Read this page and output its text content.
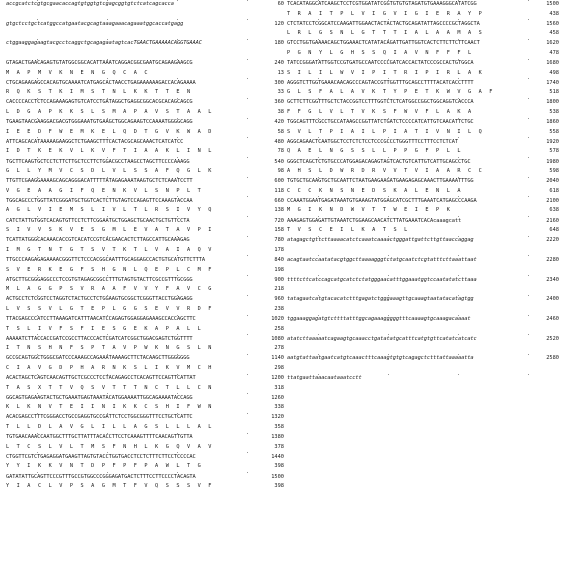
accgcatctcgtgcgaacaccagtgtggtgtcgagcggtgtctcatcagcacca	60
.	.	.	.
gtgctcctgctcatggccatgaatacgcagtaaagaaacagaaatggcaccatgagg	120
.	.	.	.
ctggaaggagaagtacgcctcaggctgcagagaatagtcacTGAACTGAAAAACAGGTGAAAC	180
.	.	.	.
GTAGACTGAACAGAGTGTATGGCGGCACATTAAATCAGGACGGCGAATGCAGAAGAAGCG	240
M A P M V K N E N G Q C A C	13
.	.	.	.
CTGCAGAAGAGCCACAGTGCAAAATCATGAGCACTAACCTGAGAAAAAAGACCACAGAAAA	300
R Q K S T K I M S T N L K K T T E N	33
.	.	.	.
CACCCCACCTCTCCAGAAAGAGTGTCATCCTGATAGGCTGAGGCGGCACGCACAGCAGCG	360
L D G A P K K S L S M A P A V S T A A L	38
.	.	.	.
TGAAGTAACGAAGGACGACGTGGGAAATGTGAAGCTGGCAGAAGTCCAAAATGGGGCAGG	420
I E E D F W E M K E L Q D T G V K W A D	58
.	.	.	.
ATTCAGCACATAAAAAGAAGGCTCTGAAGCTTTCACTACGCAGCAAACTCATCATCC	480
I D T K E K V L K V F T I A A K L I N L	78
.	.	.	.
TGCTTCAAGTGCTCCTCTTCTTGCTCCTTCTGGACGCCTAAGCCTAGCTTCCCCAAAGG	540
G L L Y M V C S D L V L S S A F Q G L K	98
.	.	.	.
TTGTTCGAAGGAAAAGCAGCAGGGACATTTTTATAGAGAAATAAGTGCTCTCAAATCCTT	600
V G E A A G I F Q E N K V L S N P L T	118
.	.	.	.
TGGCAGCCCTGGTTATCGGGATGCTGGTCACTCTTGTAGTCCAGAGTTCCAAAGTACCAA	660
A G L V I E M S L I V L T L R S I V Y Q	138
.	.	.	.
CATCTATTGTGGTCACAGTGTTCCTCTTCGGAATGCTGGAGCTGCAACTGCTGTTCCTA	720
S I V V S K V E S G M L E V A T A V P I	158
.	.	.	.
TCATTATGGGCACAAACACCGTCACATCCGTCACGAACACTCTTAGCCATTGCAAAGAG	780
I M G T N T G T S V T K T L V A I A Q V	178
.	.	.	.
TTGCCCAAGAGAGAAAACGGGTTCTCCCACGGCAATTTGCAGGAGCCACTGTGCATGTTCTTTA	840
S V E R K E G F S H G N L Q E P L C M F	198
.	.	.	.
ATGCTTGCGGGAGGCCCTCCGTGTAGAGCGGCCTTTGTAGTGTACTTCGCCGTTTGCGGG	900
M L A G G P S V R A A F V V Y F A V C G	218
.	.	.	.
ACTGCCTCTCGGTCCTAGGTCTACTGCCTCTGGAAGTGCGGCTCGGGTTACCTGGAGAGG	960
L V S S V L G T E P L G G S E V V R D F	238
.	.	.	.
TTACGAGCCCATCCTTAAAGATCATTTAACATCCAGAGTGGAGGAGAAAGCCACCAGCTTC	1020
T S L I V F S F I E S G E K A P A L L	258
.	.	.	.
AAAAATCTTACCACCGATCCGCCTTACCCACTCGATCATCGGCTGGACGAGTCTGGTTTT	1080
I T N S H N F S P T A V P W K N G S L N	278
.	.	.	.
GCCGCAGTGGCTGGGCGATCCCAAAGCCAGAAATAAAAGCTTCTACAAGCTTGGGGGGG	1140
C I A V G D P H A R N K S L I K V M C H	298
.	.	.	.
ACACTAGCTCAGTCAACAGTTGCTCGCCCTCCTACAGAGCCTCACAGTTCCAGTTCATTAT	1200
T A S X T T V Q S V T T T N C T L L C N	318
.	.	.	.
GGCAGTGAGAAGTACTGCTGAAATGAGTAAATACATGGAAAATTGGCAGAAAATACCAGG	1260
K L K N V T E I I N I K K C S H I F W N	338
.	.	.	.
ACACGAGCCTTTCGGGACCTGCCGAGGTGCCGATTCTCCTGGCGGGTTTCCTGCTCATTC	1320
T L L D L A V G L I L L A G S L L L A L	358
.	.	.	.
TGTGAACAAACCAATGGCTTTGCTTATTTACACCTTCCTCAAAGTTTTCAACAGTTGTTA	1380
L T C S L V L T M S F N H L K G Q V A V	378
.	.	.	.
CTGGTTCGTCTGAGAGGATGAAGTTAGTGTACCTGGTGACCTCCTCTTTCTTCCTCCCCAC	1440
Y Y I K K V N T D P F P F P A W L T G	398
.	.	.	.
GATATATTGCAGTTCCCGTTTGCCGTGGCCCGGGAGATGACTCTTTCCTTCCCCTACAGTA	1500
Y I A C L V P S A G M T F V Q S S S V F	398
TCACATAGGCATCAAGCTCCTCGTGGATATCGGTGTGTGTAGATGTGAAAGGGCATATCGG	1500
T R A I T P L V I G V I G I E R A Y P	438
.	.	.	.
CTCTATCCTCGGCATCCAAGATTGGAACTACTACTACTGCAGATATTAGCCCCGCTAGGCTA	1560
L R L G S N L G T T T I A L A A M A S	458
.	.	.	.
GTCCTGGTGAAAACAGCTGGAAACTCATATACAGATTGATTGGTCACTCTTCTTCTTCAACT	1620
P G N Y L G H S S Q I A V N F F F L	478
.	.	.	.
TATCCGGGATATTGGTCCGTGATGCCAATCCCCGATCACCACTATCCCGCCACTGTGGCA	1680
S I L I L W V I P I T R I P I R L A K	498
.	.	.	.
AGGGTCTTGGTGAAACAACAGCCCAGTACCGTTGGTTTGCAGCCTTTTACATCACCTTTT	1740
G L S F A L A V K T Y P E T K W V G A F	518
.	.	.	.
GCTTCTTCGGTTTGCTCTACCGGTCCTTTGGTCTCTCATGGCCGGCTGGCAGGTCACCCA	1800
F F G L V L T V K S F W V F L A K A	538
.	.	.	.
TGGCAGTTTCGCCTGCCATAAGCCGGTTATCTGATCTCCCCATCATTGTCAACATTCTGC	1860
S V L T P I A I L P I A T I V N I L Q	558
.	.	.	.
AGGCAGAACTCAATGGCTCCTCTCTCCTCCCGCCCTGGGTTTCCTTTCCTCTCAT	1920
Q A E L N G S S L L P P G F P L L	578
.	.	.	.
GGGCTCAGCTCTGTGCCCATGGAGACAGAGTAGTCACTGTCATTGTCATTGCAGCCTGC	1980
A H S L D W R D R V V T V I A A R C C	598
.	.	.	.
TGTGCTGCAAGTGCTGCAATTCTAATGAAGAAGATGAAGAGAGCAAACTTGAAAATTTGG	2040
C C C K N S N E D S K A L E N L A	618
.	.	.	.
CCAAATGGAATGAGATAAATGTGAAAGTATGGAGCATCGCTTTGAAATCATGAGCCCAAGA	2100
M G I K N D W V T T W E I E P K	638
.	.	.	.
AAAGAGTGGAGATTGTAAATCTGGAAGCAACATCTTATGAAATCACAcaaagcatt	2160
T V S C E I L K A T S L	648
.	.	.	.
atagagctgttcttaaaacatctcaaatcaaaactgggattgattcttgttaaccaggag	2220
.	.	.	.
acagtaatccaatatacgtggcttaaaagggtctatgcaatctcgtatttcttaaattaat	2280
.	.	.	.
ttttcttcatccagcatgcatctctatgggaacatttggaaatggtccaatatatcttaaa	2340
.	.	.	.
tatagaatcatgtacacatctttgagatctgggaaagttgcaaagtaatatacatagtgg	2400
.	.	.	.
tggaaaggagatgtcttttatttggcagaaagggggtttcaaaagtgcaaagacaaaat	2460
.	.	.	.
atatcttaaaaatcagaagtgcaaacctgatatatgcatttcatgtgttcatatcatcatc	2520
.	.	.	.
aatgtattaatgaatcatgtcaaactttcaaagtgtgtcagagctctttattaaaaatta	2580
.	.	.	.
ttatgaattaaacaataaatcctt
